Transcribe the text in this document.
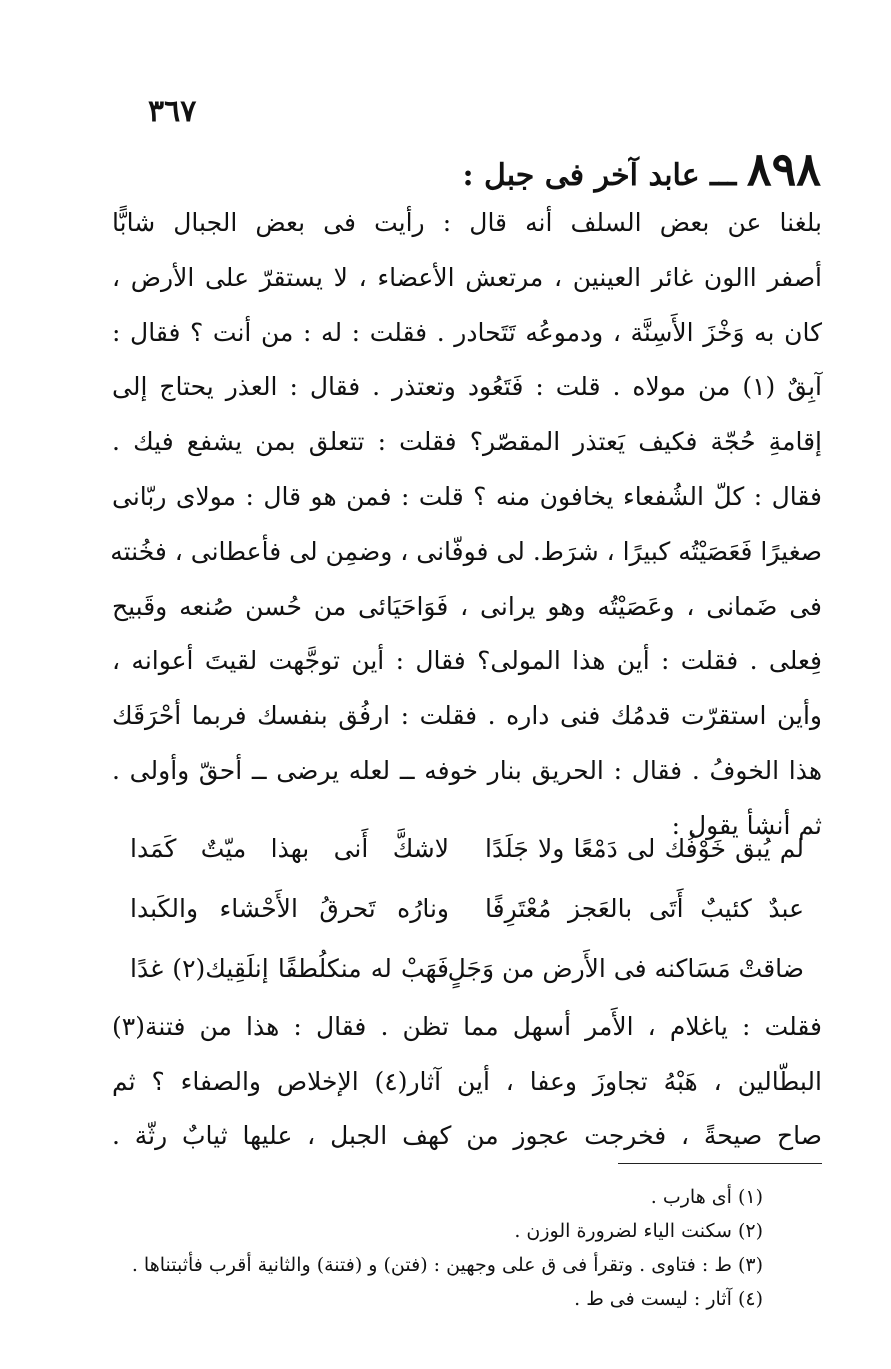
٣٦٧
٨٩٨ ـــ عابد آخر فى جبل :
بلغنا عن بعض السلف أنه قال : رأيت فى بعض الجبال شابًّا
أصفر االون غائر العينين ، مرتعش الأعضاء ، لا يستقرّ على الأرض ،
كان به وَخْزَ الأَسِنَّة ، ودموعُه تَتَحادر . فقلت : له : من أنت ؟ فقال :
آبِقٌ (١) من مولاه . قلت : فَتَعُود وتعتذر . فقال : العذر يحتاج إلى
إقامةِ حُجّة فكيف يَعتذر المقصّر؟ فقلت : تتعلق بمن يشفع فيك .
فقال : كلّ الشُفعاء يخافون منه ؟ قلت : فمن هو قال : مولاى ربّانى
صغيرًا فَعَصَيْتُه كبيرًا ، شرَط. لى فوفّانى ، وضمِن لى فأعطانى ، فخُنته
فى ضَمانى ، وعَصَيْتُه وهو يرانى ، فَوَاحَيَائى من حُسن صُنعه وقَبيح
فِعلى . فقلت : أين هذا المولى؟ فقال : أين توجَّهت لقيتَ أعوانه ،
وأين استقرّت قدمُك فنى داره . فقلت : ارفُق بنفسك فربما أحْرَقَك
هذا الخوفُ . فقال : الحريق بنار خوفه ــ لعله يرضى ــ أحقّ وأولى .
ثم أنشأ يقول :
لم يُبق خَوْفُك لى دَمْعًا ولا جَلَدًا
لاشكَّ أَنى بهذا ميّتٌ كَمَدا
عبدٌ كئيبٌ أَتَى بالعَجز مُعْتَرِفًا
ونارُه تَحرقُ الأَحْشاء والكَبدا
ضاقتْ مَسَاكنه فى الأَرض من وَجَلٍ
فَهَبْ له منكلُطفًا إنلَقِيك(٢) غدًا
فقلت : ياغلام ، الأَمر أسهل مما تظن . فقال : هذا من فتنة(٣)
البطّالين ، هَبْهُ تجاوزَ وعفا ، أين آثار(٤) الإخلاص والصفاء ؟ ثم
صاح صيحةً ، فخرجت عجوز من كهف الجبل ، عليها ثيابٌ رثّة .
(١) أى هارب .
(٢) سكنت الياء لضرورة الوزن .
(٣) ط : فتاوى . وتقرأ فى ق على وجهين : (فتن) و (فتنة) والثانية أقرب فأثبتناها .
(٤) آثار : ليست فى ط .
